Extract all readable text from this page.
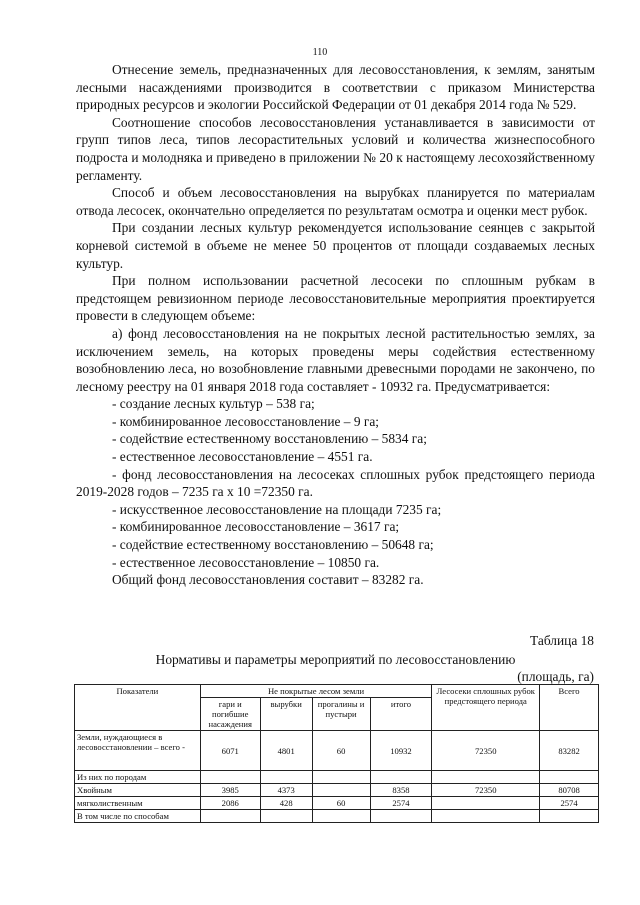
110

Отнесение земель, предназначенных для лесовосстановления, к землям, занятым лесными насаждениями производится в соответствии с приказом Министерства природных ресурсов и экологии Российской Федерации от 01 декабря 2014 года № 529.

Соотношение способов лесовосстановления устанавливается в зависимости от групп типов леса, типов лесорастительных условий и количества жизнеспособного подроста и молодняка и приведено в приложении № 20 к настоящему лесохозяйственному регламенту.

Способ и объем лесовосстановления на вырубках планируется по материалам отвода лесосек, окончательно определяется по результатам осмотра и оценки мест рубок.

При создании лесных культур рекомендуется использование сеянцев с закрытой корневой системой в объеме не менее 50 процентов от площади создаваемых лесных культур.

При полном использовании расчетной лесосеки по сплошным рубкам в предстоящем ревизионном периоде лесовосстановительные мероприятия проектируется провести в следующем объеме:

а) фонд лесовосстановления на не покрытых лесной растительностью землях, за исключением земель, на которых проведены меры содействия естественному возобновлению леса, но возобновление главными древесными породами не закончено, по лесному реестру на 01 января 2018 года составляет - 10932 га. Предусматривается:

- создание лесных культур – 538 га;

- комбинированное лесовосстановление – 9 га;

- содействие естественному восстановлению – 5834 га;

- естественное лесовосстановление – 4551 га.

- фонд лесовосстановления на лесосеках сплошных рубок предстоящего периода 2019-2028 годов – 7235 га х 10 =72350 га.

- искусственное лесовосстановление на площади 7235 га;

- комбинированное лесовосстановление – 3617 га;

- содействие естественному восстановлению – 50648 га;

- естественное лесовосстановление – 10850 га.

Общий фонд лесовосстановления составит – 83282 га.

Таблица 18
Нормативы и параметры мероприятий по лесовосстановлению
(площадь, га)
Показатели	Не покрытые лесом земли				Лесосеки сплошных рубок предстоящего периода	Всего
	гари и погибшие насаждения	вырубки	прогалины и пустыри	итого		
Земли, нуждающиеся в лесовосстановлении – всего -	6071	4801	60	10932	72350	83282
Из них по породам						
Хвойным	3985	4373		8358	72350	80708
мягколиственным	2086	428	60	2574		2574
В том числе по способам						
